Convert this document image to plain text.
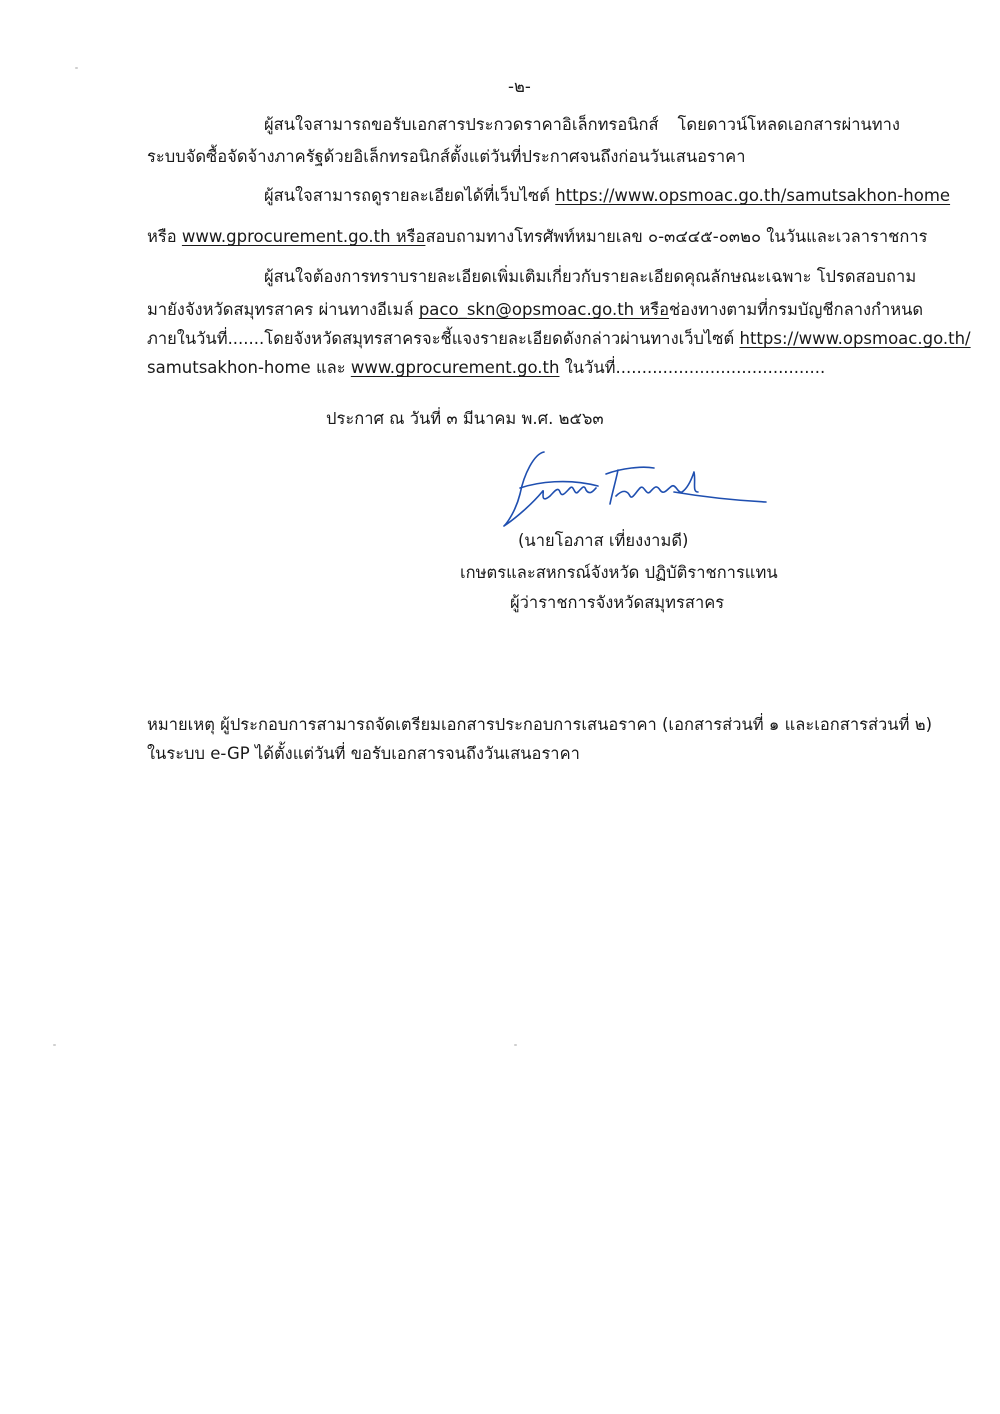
-๒-
ผู้สนใจสามารถขอรับเอกสารประกวดราคาอิเล็กทรอนิกส์ โดยดาวน์โหลดเอกสารผ่านทาง
ระบบจัดซื้อจัดจ้างภาครัฐด้วยอิเล็กทรอนิกส์ตั้งแต่วันที่ประกาศจนถึงก่อนวันเสนอราคา
ผู้สนใจสามารถดูรายละเอียดได้ที่เว็บไซต์ https://www.opsmoac.go.th/samutsakhon-home
หรือ www.gprocurement.go.th หรือสอบถามทางโทรศัพท์หมายเลข ๐-๓๔๔๕-๐๓๒๐ ในวันและเวลาราชการ
ผู้สนใจต้องการทราบรายละเอียดเพิ่มเติมเกี่ยวกับรายละเอียดคุณลักษณะเฉพาะ โปรดสอบถาม
มายังจังหวัดสมุทรสาคร ผ่านทางอีเมล์ paco_skn@opsmoac.go.th หรือช่องทางตามที่กรมบัญชีกลางกำหนด
ภายในวันที่.......โดยจังหวัดสมุทรสาครจะชี้แจงรายละเอียดดังกล่าวผ่านทางเว็บไซต์ https://www.opsmoac.go.th/
samutsakhon-home และ www.gprocurement.go.th ในวันที่........................................
ประกาศ ณ วันที่ ๓ มีนาคม พ.ศ. ๒๕๖๓
(นายโอภาส เที่ยงงามดี)
เกษตรและสหกรณ์จังหวัด ปฏิบัติราชการแทน
ผู้ว่าราชการจังหวัดสมุทรสาคร
หมายเหตุ ผู้ประกอบการสามารถจัดเตรียมเอกสารประกอบการเสนอราคา (เอกสารส่วนที่ ๑ และเอกสารส่วนที่ ๒)
ในระบบ e-GP ได้ตั้งแต่วันที่ ขอรับเอกสารจนถึงวันเสนอราคา
